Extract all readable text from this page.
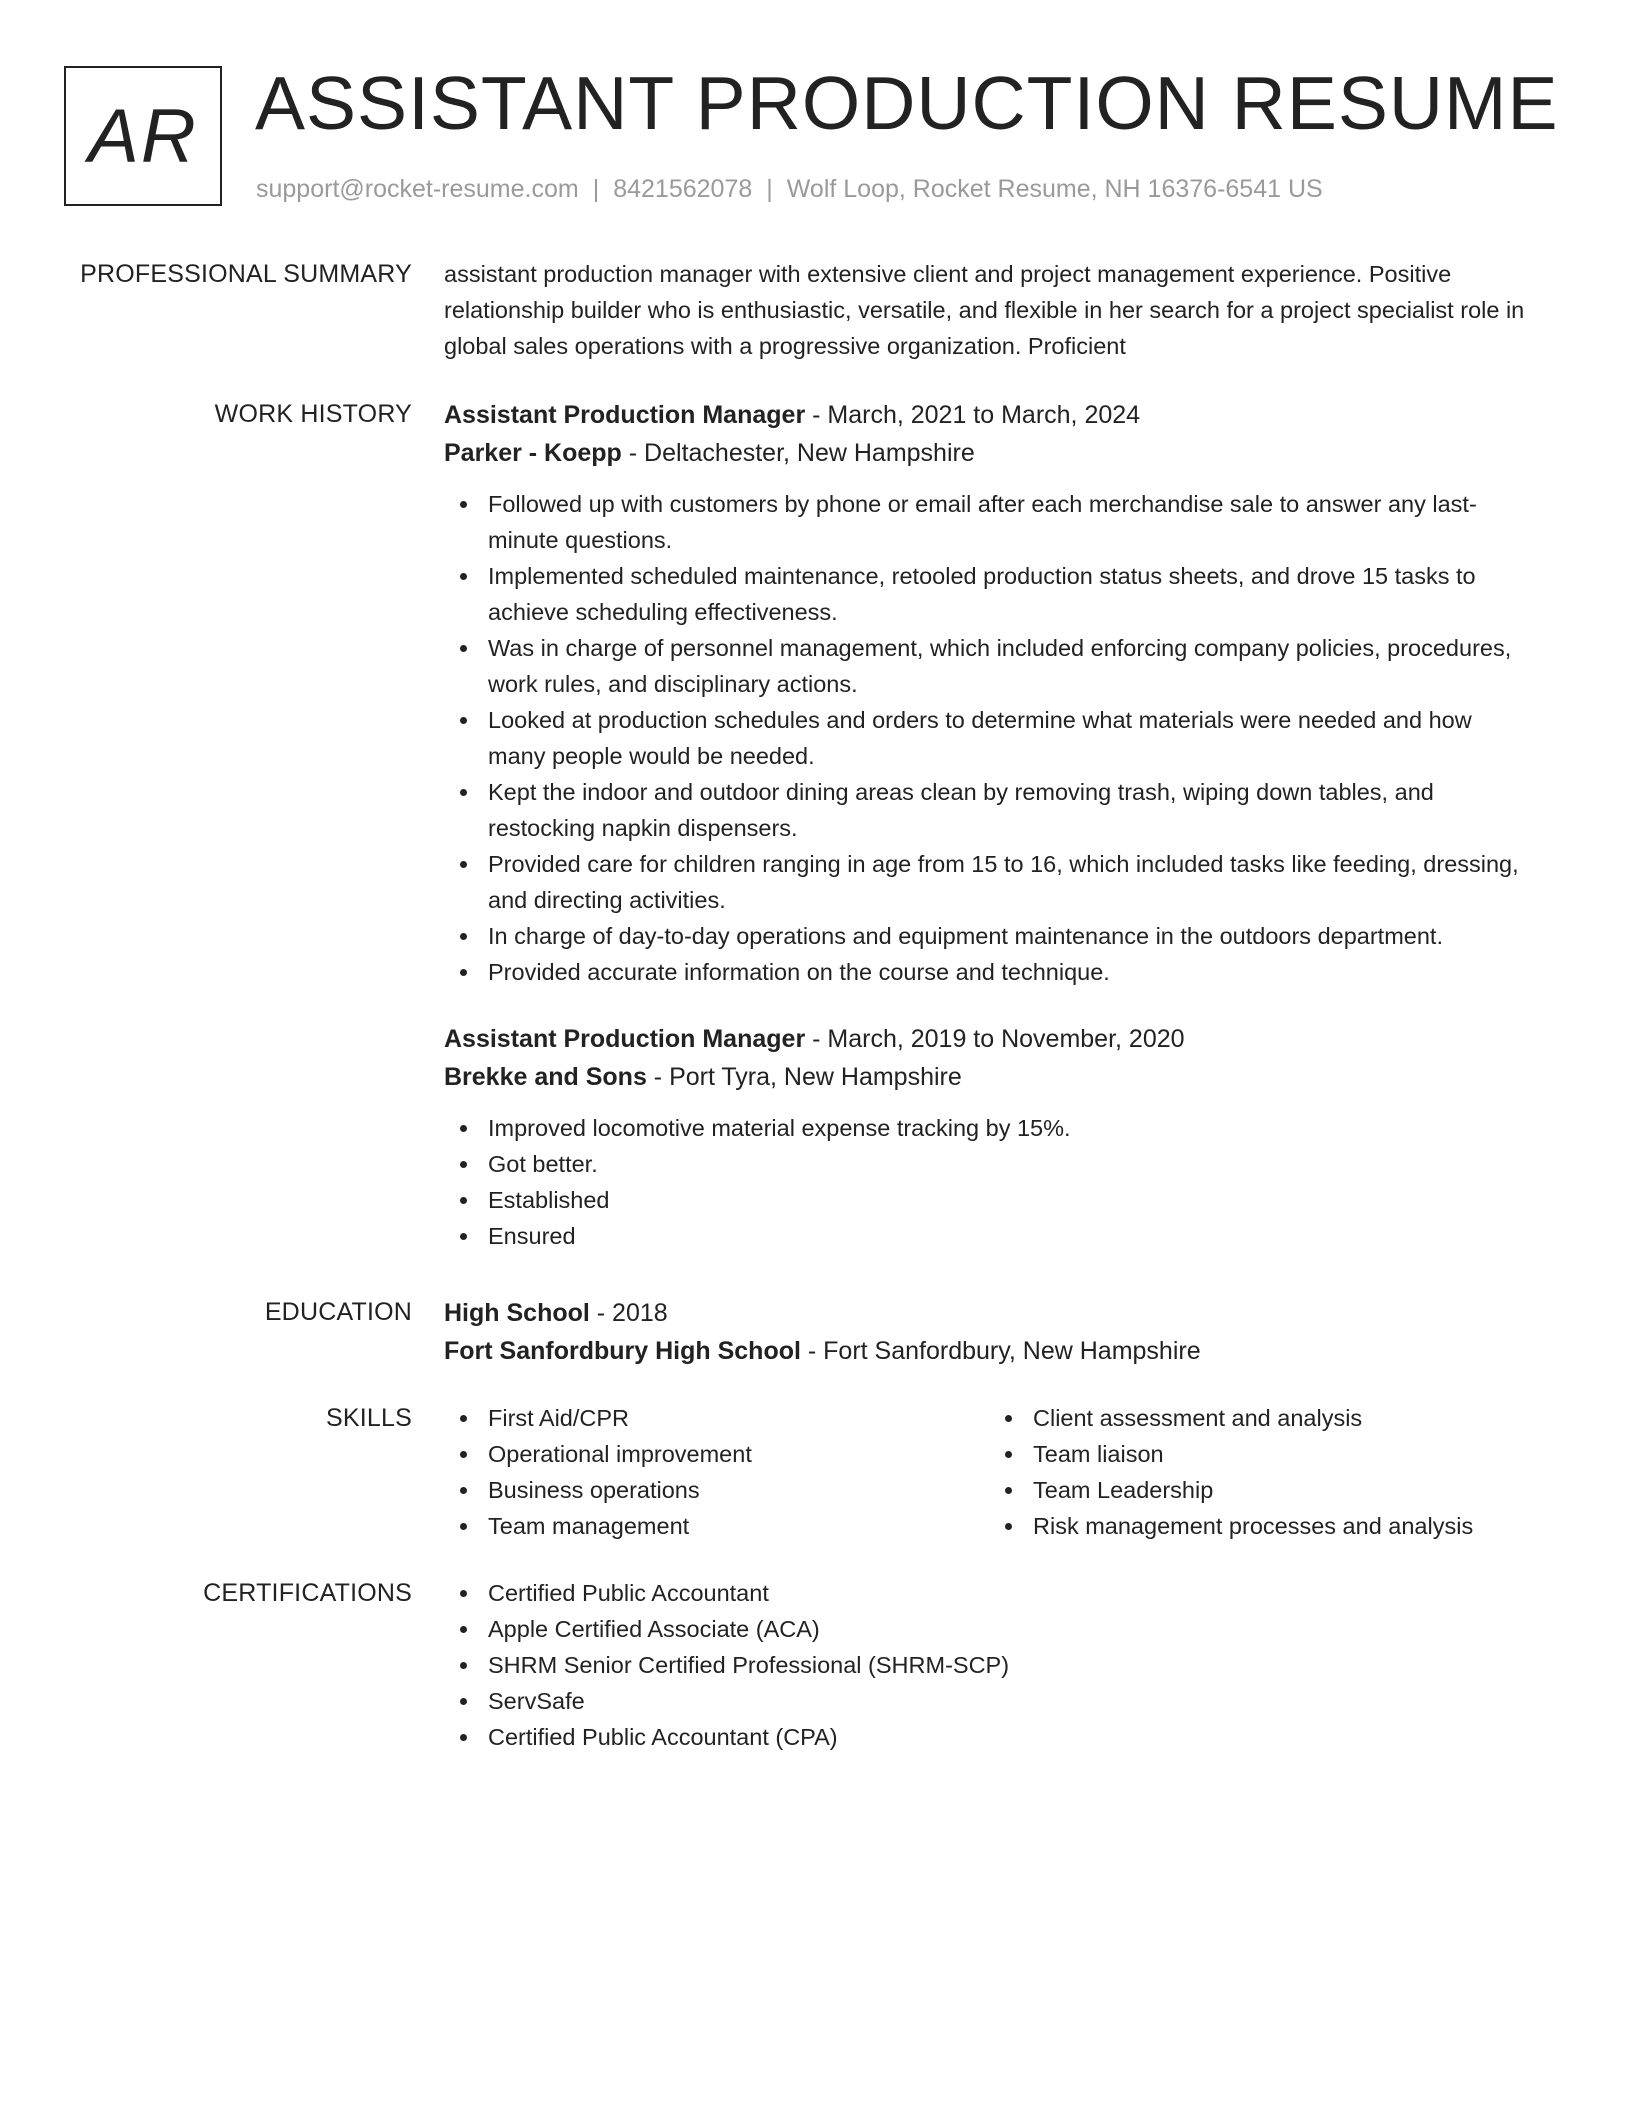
AR ASSISTANT PRODUCTION RESUME
support@rocket-resume.com | 8421562078 | Wolf Loop, Rocket Resume, NH 16376-6541 US
PROFESSIONAL SUMMARY assistant production manager with extensive client and project management experience. Positive relationship builder who is enthusiastic, versatile, and flexible in her search for a project specialist role in global sales operations with a progressive organization. Proficient
WORK HISTORY Assistant Production Manager - March, 2021 to March, 2024
Parker - Koepp - Deltachester, New Hampshire
Followed up with customers by phone or email after each merchandise sale to answer any last-minute questions.
Implemented scheduled maintenance, retooled production status sheets, and drove 15 tasks to achieve scheduling effectiveness.
Was in charge of personnel management, which included enforcing company policies, procedures, work rules, and disciplinary actions.
Looked at production schedules and orders to determine what materials were needed and how many people would be needed.
Kept the indoor and outdoor dining areas clean by removing trash, wiping down tables, and restocking napkin dispensers.
Provided care for children ranging in age from 15 to 16, which included tasks like feeding, dressing, and directing activities.
In charge of day-to-day operations and equipment maintenance in the outdoors department.
Provided accurate information on the course and technique.
Assistant Production Manager - March, 2019 to November, 2020
Brekke and Sons - Port Tyra, New Hampshire
Improved locomotive material expense tracking by 15%.
Got better.
Established
Ensured
EDUCATION High School - 2018
Fort Sanfordbury High School - Fort Sanfordbury, New Hampshire
SKILLS	First Aid/CPR
Operational improvement
Business operations
Team management
Client assessment and analysis
Team liaison
Team Leadership
Risk management processes and analysis
CERTIFICATIONS	Certified Public Accountant
Apple Certified Associate (ACA)
SHRM Senior Certified Professional (SHRM-SCP)
ServSafe
Certified Public Accountant (CPA)
